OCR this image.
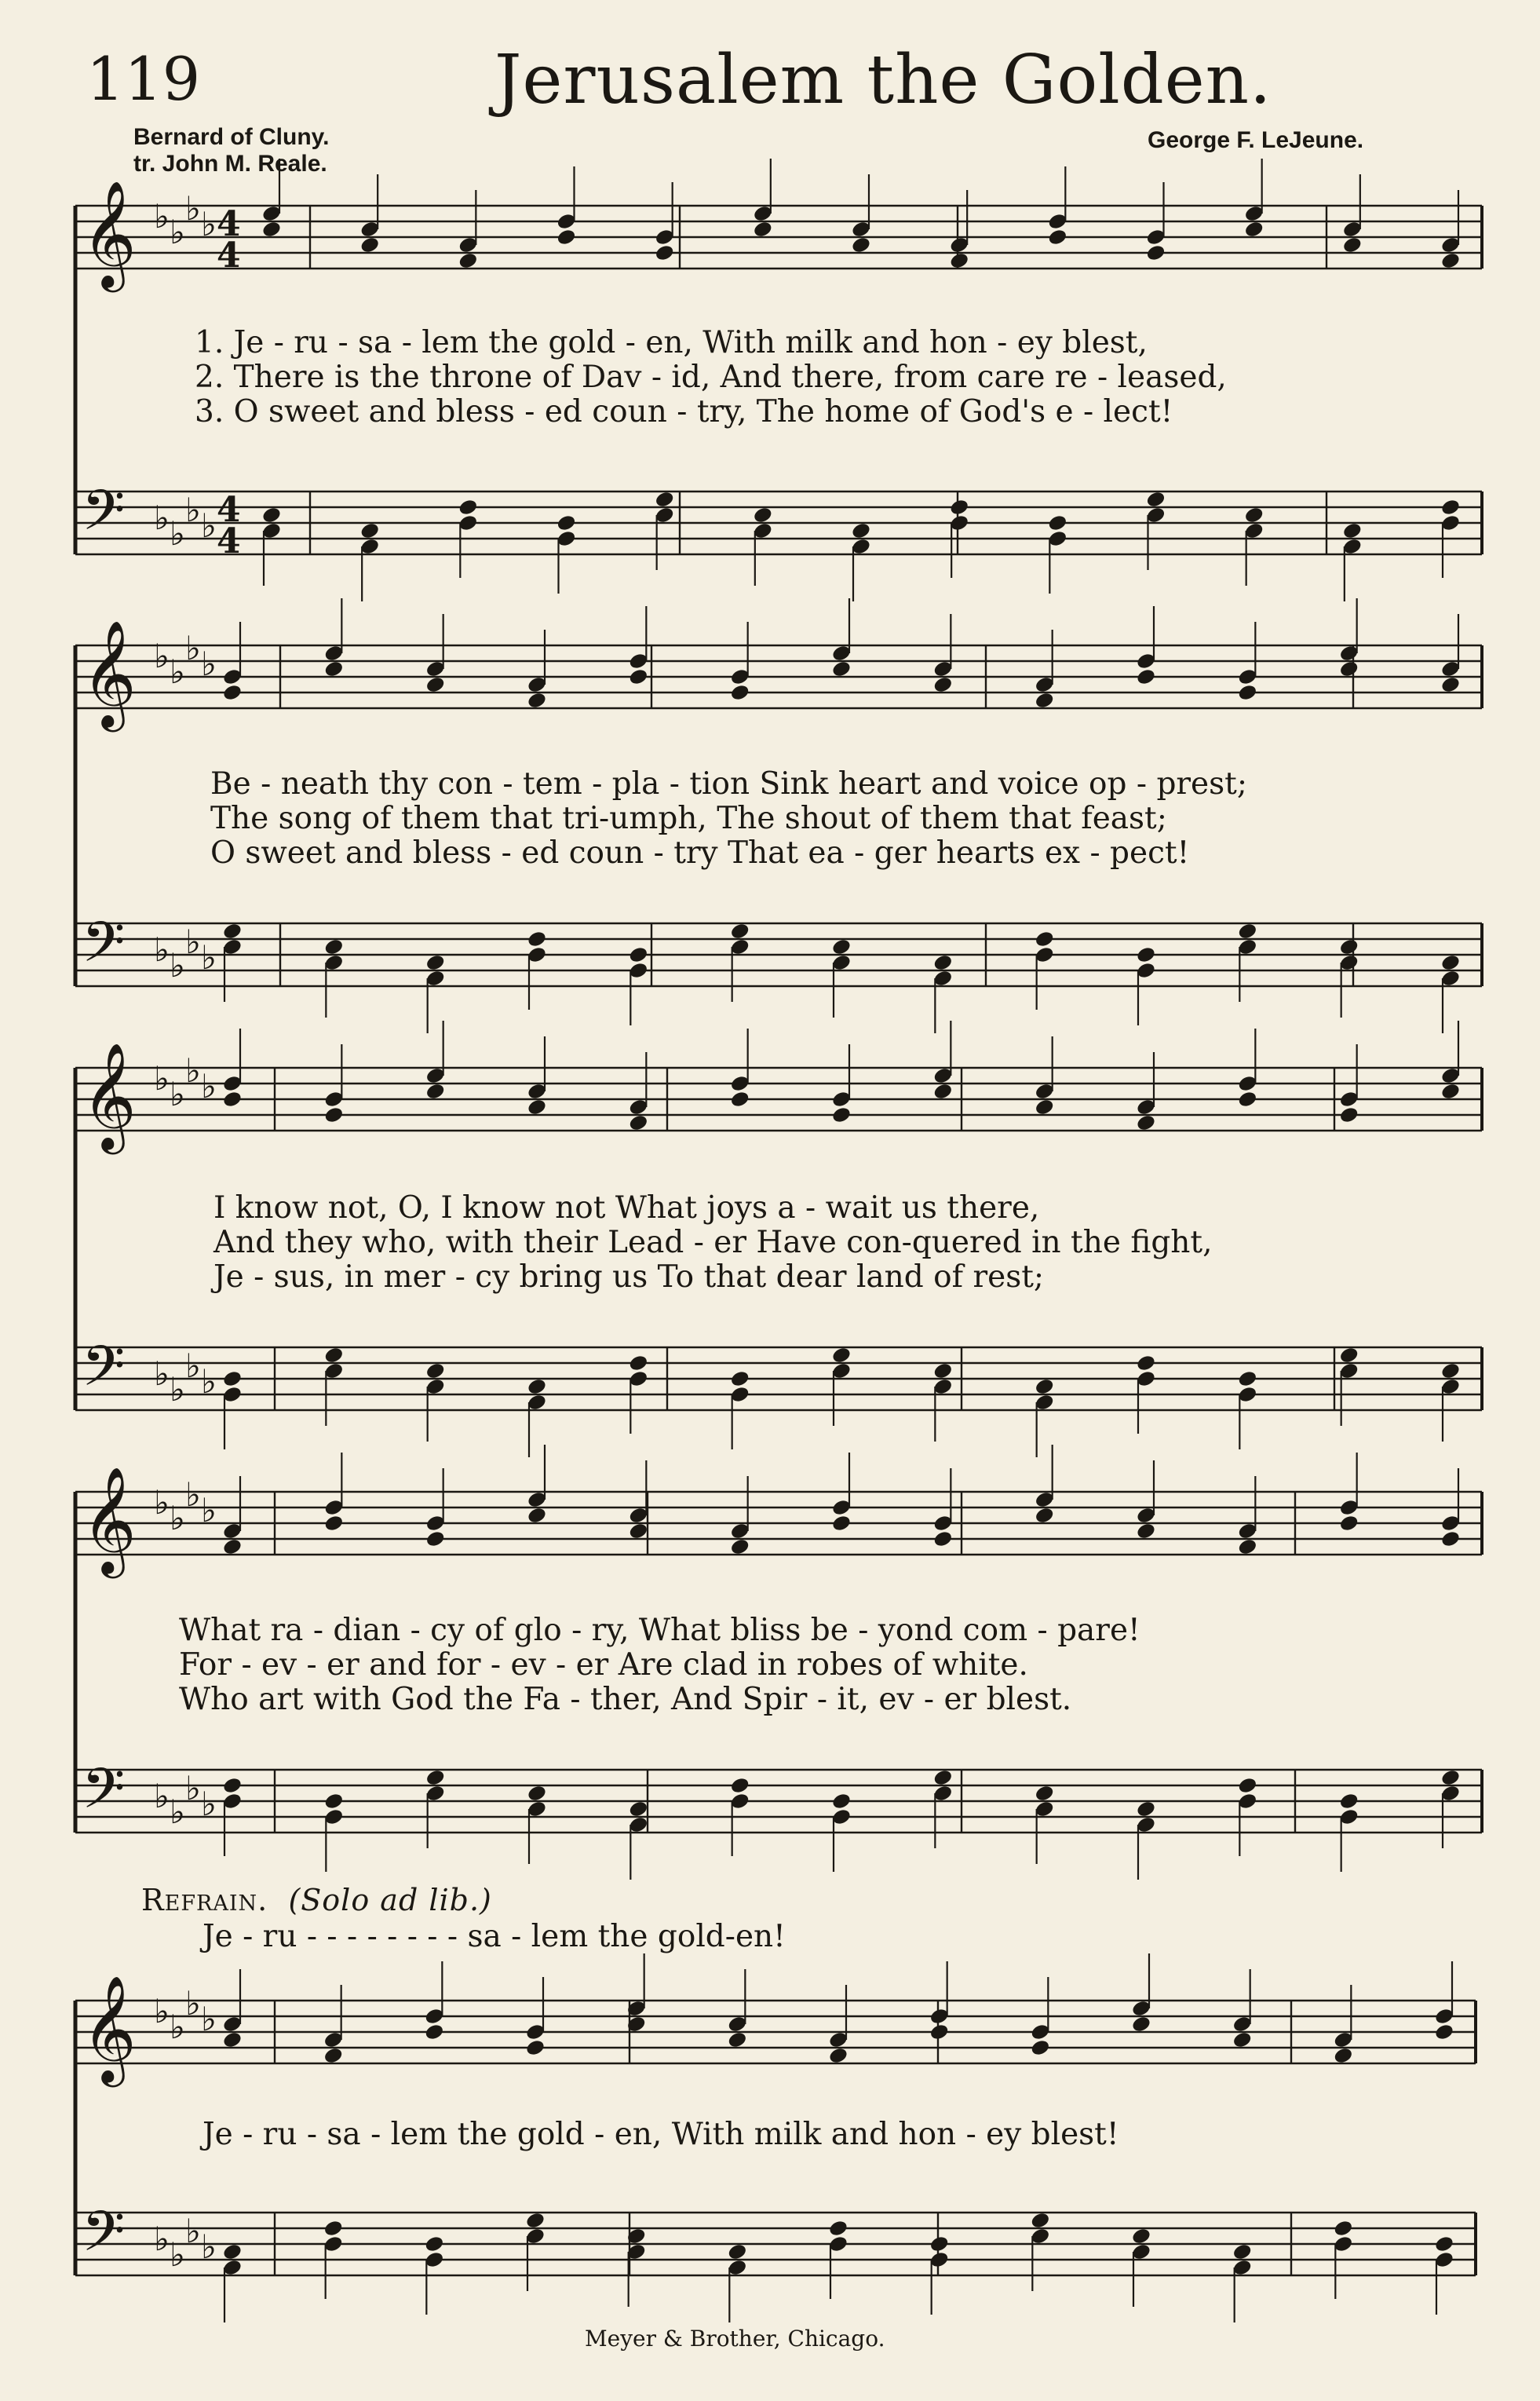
𝄞 ♭ ♭
♭ ♭ 4
4
𝄢 ♭ ♭
♭ ♭ 4
4
𝄞 ♭ ♭
♭ ♭
𝄢 ♭ ♭
♭ ♭
𝄞 ♭ ♭
♭ ♭
𝄢 ♭ ♭
♭ ♭
𝄞 ♭ ♭
♭ ♭
𝄢 ♭ ♭
♭ ♭
𝄞 ♭ ♭
♭ ♭
𝄢 ♭ ♭
♭ ♭
119	Jerusalem the Golden.
Bernard of Cluny.
tr. John M. Reale.
George F. LeJeune.
1. Je - ru - sa - lem the gold - en, With milk and hon - ey blest,
2. There is the throne of Dav - id, And there, from care re - leased,
3. O sweet and bless - ed coun - try, The home of God's e - lect!
Be - neath thy con - tem - pla - tion Sink heart and voice op - prest;
The song of them that tri-umph, The shout of them that feast;
O sweet and bless - ed coun - try That ea - ger hearts ex - pect!
I know not, O, I know not What joys a - wait us there,
And they who, with their Lead - er Have con-quered in the fight,
Je - sus, in mer - cy bring us To that dear land of rest;
What ra - dian - cy of glo - ry, What bliss be - yond com - pare!
For - ev - er and for - ev - er Are clad in robes of white.
Who art with God the Fa - ther, And Spir - it, ev - er blest.
Refrain. (Solo ad lib.)
Je - ru - - - - - - - - sa - lem the gold-en!
Je - ru - sa - lem the gold - en, With milk and hon - ey blest!
Meyer & Brother, Chicago.
